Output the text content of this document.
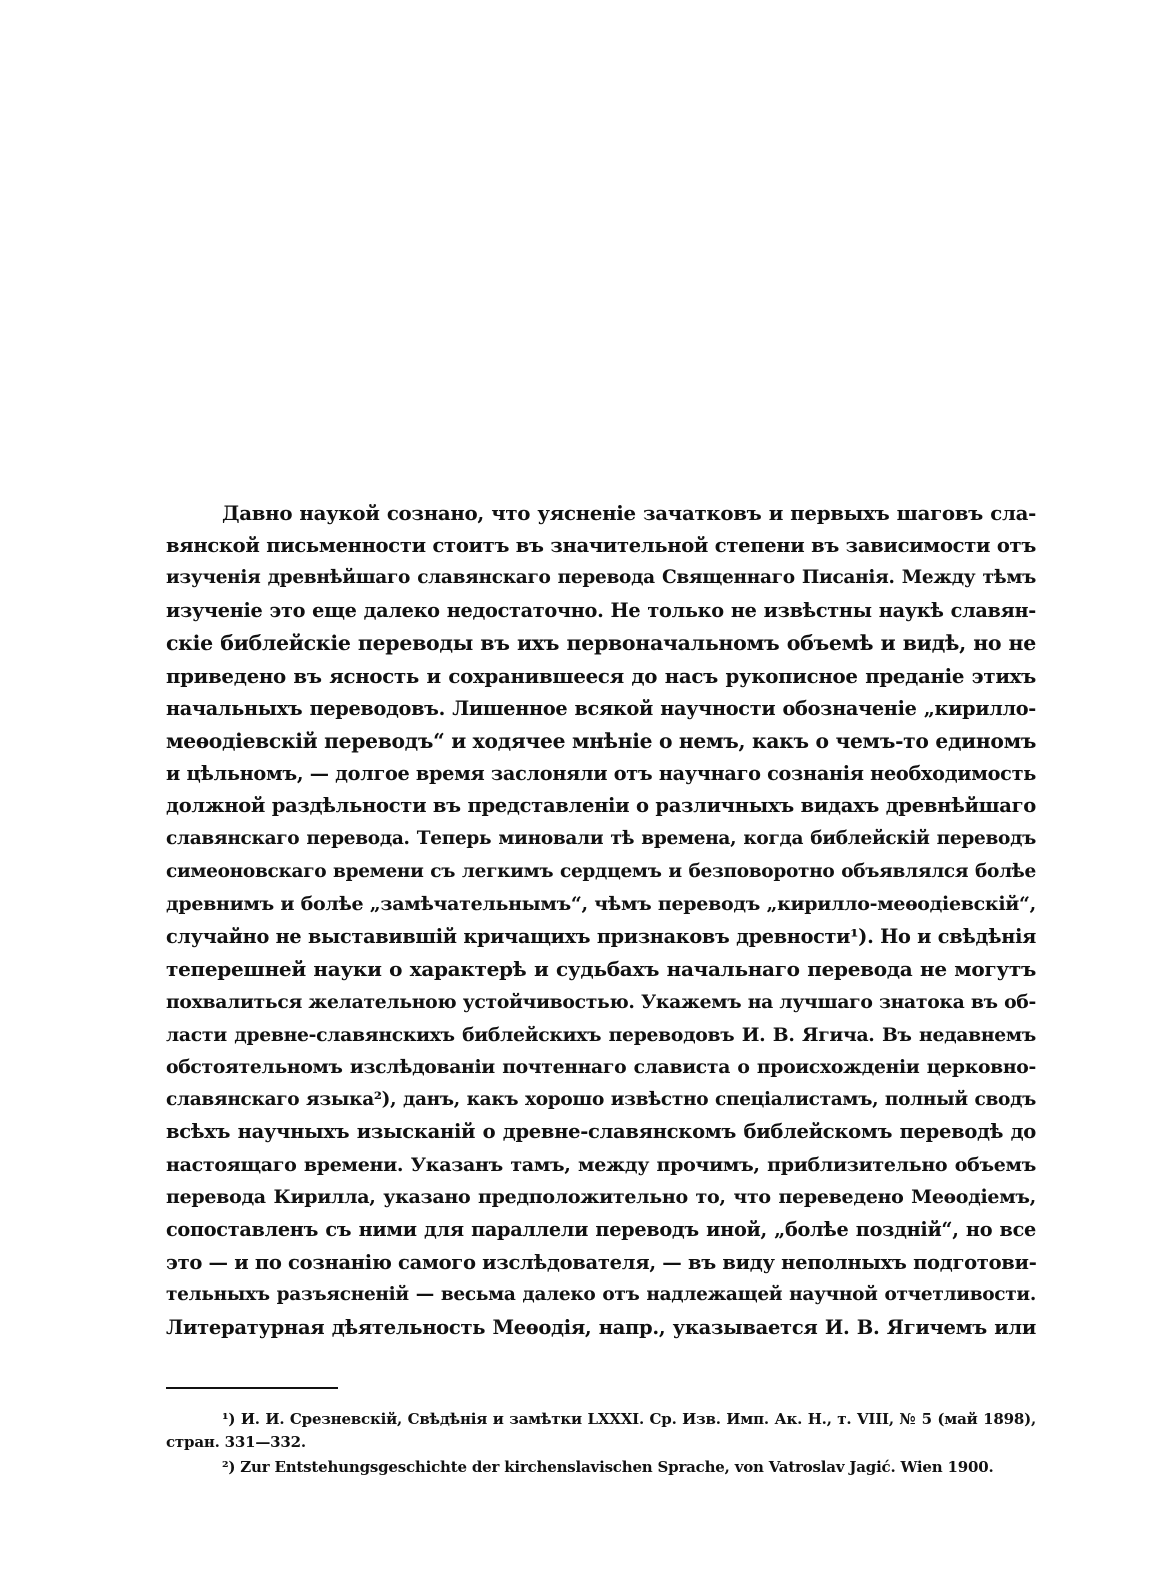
Давно наукой сознано, что уясненіе зачатковъ и первыхъ шаговъ сла-
вянской письменности стоитъ въ значительной степени въ зависимости отъ
изученія древнѣйшаго славянскаго перевода Священнаго Писанія. Между тѣмъ
изученіе это еще далеко недостаточно. Не только не извѣстны наукѣ славян-
скіе библейскіе переводы въ ихъ первоначальномъ объемѣ и видѣ, но не
приведено въ ясность и сохранившееся до насъ рукописное преданіе этихъ
начальныхъ переводовъ. Лишенное всякой научности обозначеніе „кирилло-
меѳодіевскій переводъ“ и ходячее мнѣніе о немъ, какъ о чемъ-то единомъ
и цѣльномъ, — долгое время заслоняли отъ научнаго сознанія необходимость
должной раздѣльности въ представленіи о различныхъ видахъ древнѣйшаго
славянскаго перевода. Теперь миновали тѣ времена, когда библейскій переводъ
симеоновскаго времени съ легкимъ сердцемъ и безповоротно объявлялся болѣе
древнимъ и болѣе „замѣчательнымъ“, чѣмъ переводъ „кирилло-меѳодіевскій“,
случайно не выставившій кричащихъ признаковъ древности¹). Но и свѣдѣнія
теперешней науки о характерѣ и судьбахъ начальнаго перевода не могутъ
похвалиться желательною устойчивостью. Укажемъ на лучшаго знатока въ об-
ласти древне-славянскихъ библейскихъ переводовъ И. В. Ягича. Въ недавнемъ
обстоятельномъ изслѣдованіи почтеннаго слависта о происхожденіи церковно-
славянскаго языка²), данъ, какъ хорошо извѣстно спеціалистамъ, полный сводъ
всѣхъ научныхъ изысканій о древне-славянскомъ библейскомъ переводѣ до
настоящаго времени. Указанъ тамъ, между прочимъ, приблизительно объемъ
перевода Кирилла, указано предположительно то, что переведено Меѳодіемъ,
сопоставленъ съ ними для параллели переводъ иной, „болѣе поздній“, но все
это — и по сознанію самого изслѣдователя, — въ виду неполныхъ подготови-
тельныхъ разъясненій — весьма далеко отъ надлежащей научной отчетливости.
Литературная дѣятельность Меѳодія, напр., указывается И. В. Ягичемъ или
¹) И. И. Срезневскій, Свѣдѣнія и замѣтки LXXXI. Ср. Изв. Имп. Ак. Н., т. VIII, № 5 (май 1898),
стран. 331—332.
²) Zur Entstehungsgeschichte der kirchenslavischen Sprache, von Vatroslav Jagić. Wien 1900.
